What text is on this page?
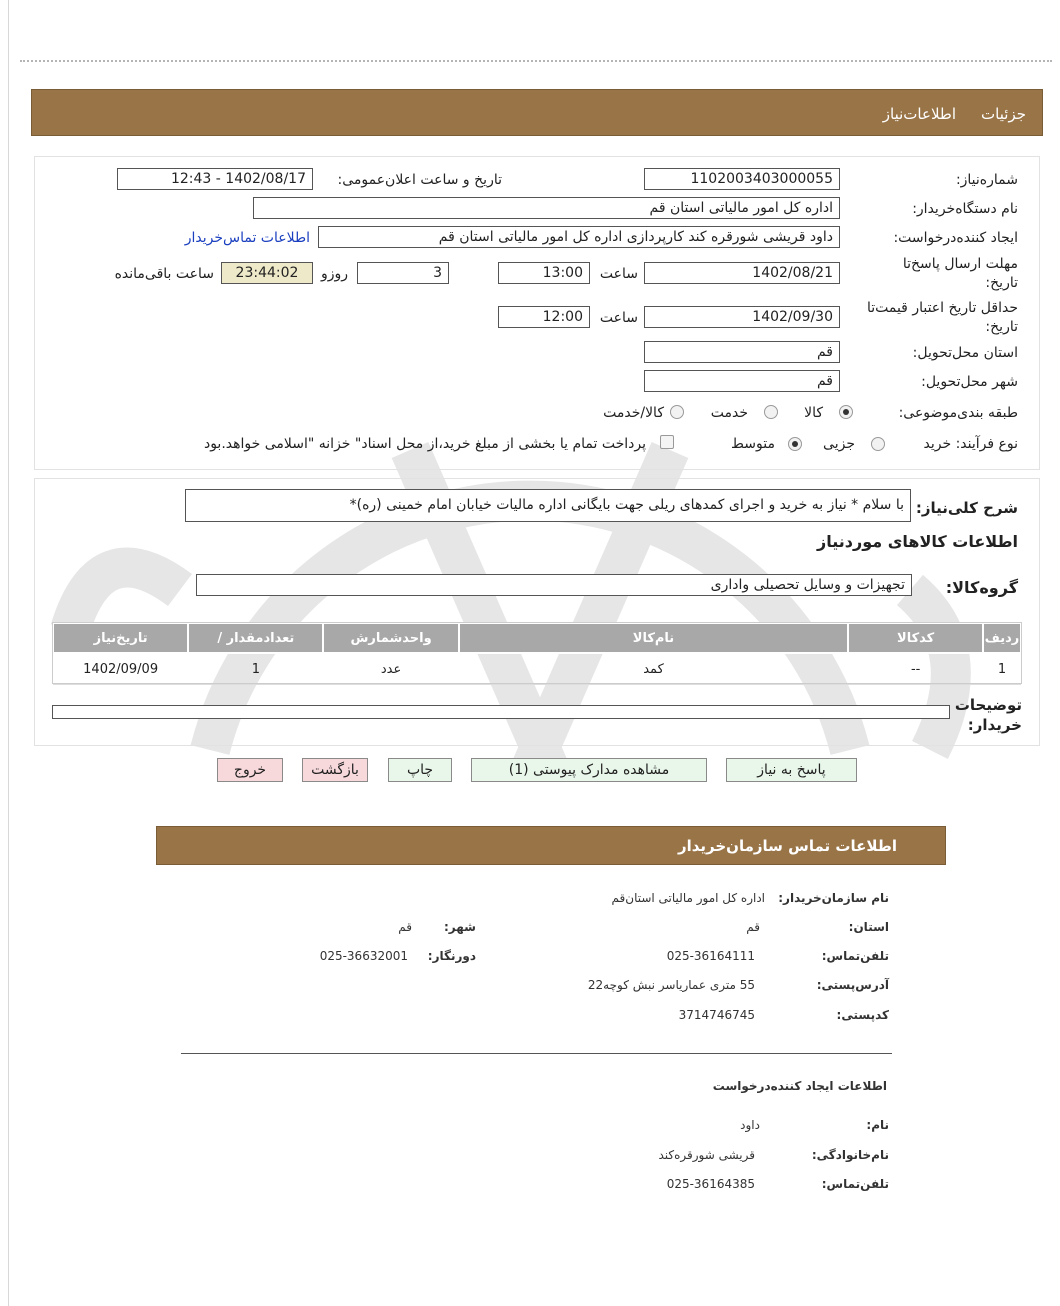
جزئیات
اطلاعات‌نیاز
شماره‌نیاز:
1102003403000055
تاریخ و ساعت اعلان‌عمومی:
1402/08/17 - 12:43
نام دستگاه‌خریدار:
اداره کل امور مالیاتی استان قم
ایجاد کننده‌درخواست:
داود قریشی شورقره کند کارپردازی اداره کل امور مالیاتی استان قم
اطلاعات تماس‌خریدار
مهلت ارسال پاسخ‌تا
تاریخ:
1402/08/21
ساعت
13:00
3
روزو
23:44:02
ساعت باقی‌مانده
حداقل تاریخ اعتبار قیمت‌تا
تاریخ:
1402/09/30
ساعت
12:00
استان محل‌تحویل:
قم
شهر محل‌تحویل:
قم
طبقه بندی‌موضوعی:
کالا
خدمت
کالا/خدمت
نوع فرآیند: خرید
جزیی
متوسط
پرداخت تمام یا بخشی از مبلغ خرید،از محل اسناد" خزانه "اسلامی خواهد.بود
شرح کلی‌نیاز:
با سلام * نیاز به خرید و اجرای کمدهای ریلی جهت بایگانی اداره مالیات خیابان امام خمینی (ره)*
اطلاعات کالاهای موردنیاز
گروه‌کالا:
تجهیزات و وسایل تحصیلی واداری
ردیف	کدکالا	نام‌کالا	واحدشمارش	تعدادمقدار /	تاریخ‌نیاز
1	--	کمد	عدد	1	1402/09/09
توضیحات
خریدار:
پاسخ به نیاز
مشاهده مدارک پیوستی (1)
چاپ
بازگشت
خروج
اطلاعات تماس سازمان‌خریدار
نام سازمان‌خریدار:
اداره کل امور مالیاتی استان‌قم
استان:
قم
شهر:
قم
تلفن‌تماس:
025-36164111
دورنگار:
025-36632001
آدرس‌پستی:
55 متری عمارياسر نبش کوچه22
کدپستی:
3714746745
اطلاعات ایجاد کننده‌درخواست
نام:
داود
نام‌خانوادگی:
قریشی شورقره‌کند
تلفن‌تماس:
025-36164385
